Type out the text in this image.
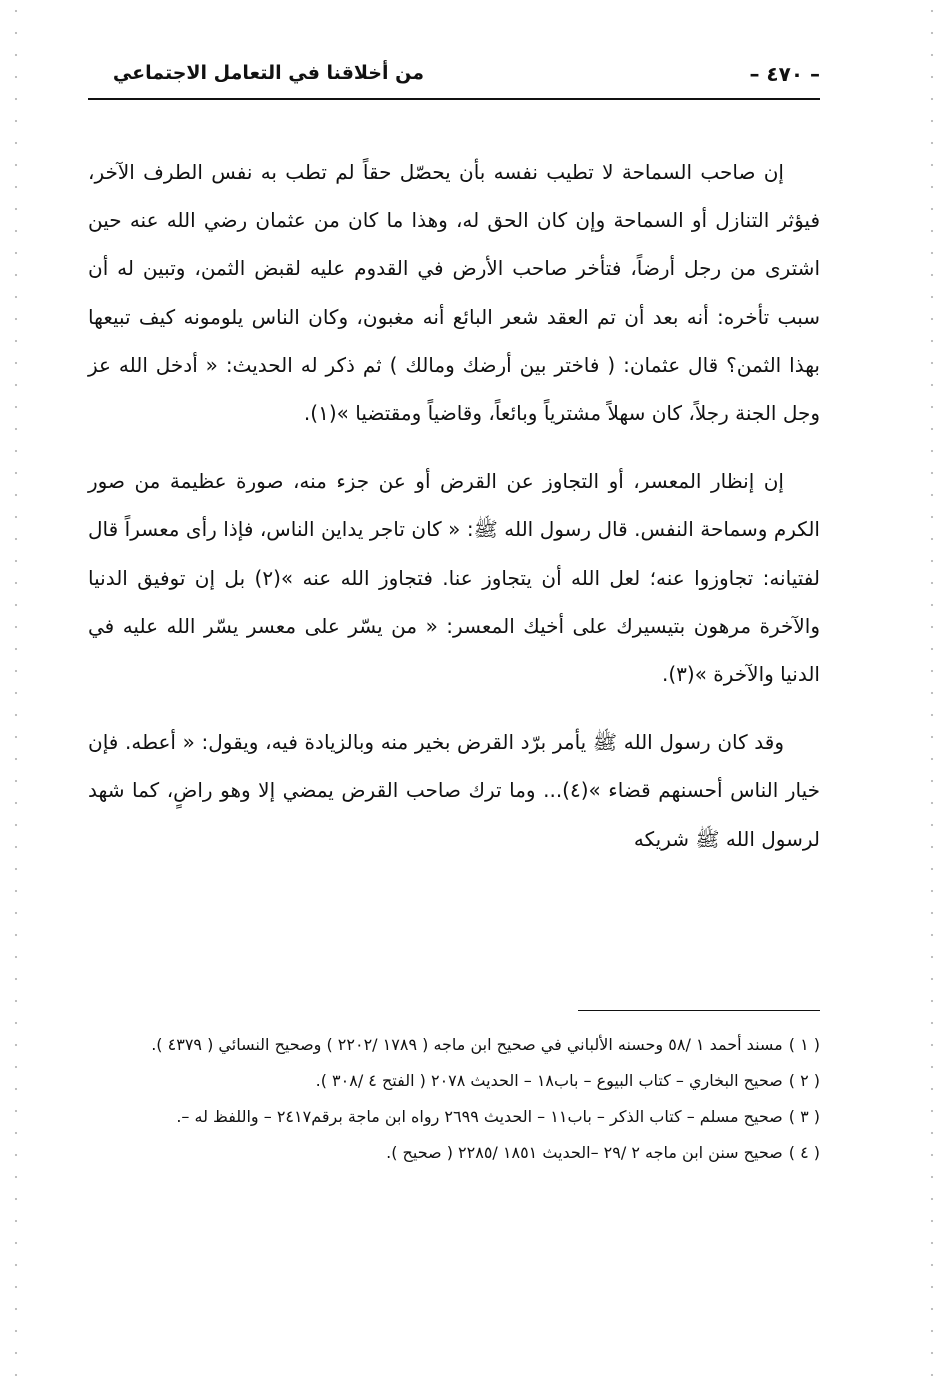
– ٤٧٠ –
من أخلاقنا في التعامل الاجتماعي

إن صاحب السماحة لا تطيب نفسه بأن يحصّل حقاً لم تطب به نفس الطرف الآخر، فيؤثر التنازل أو السماحة وإن كان الحق له، وهذا ما كان من عثمان رضي الله عنه حين اشترى من رجل أرضاً، فتأخر صاحب الأرض في القدوم عليه لقبض الثمن، وتبين له أن سبب تأخره: أنه بعد أن تم العقد شعر البائع أنه مغبون، وكان الناس يلومونه كيف تبيعها بهذا الثمن؟ قال عثمان: ( فاختر بين أرضك ومالك ) ثم ذكر له الحديث: « أدخل الله عز وجل الجنة رجلاً، كان سهلاً مشترياً وبائعاً، وقاضياً ومقتضيا »(١).

إن إنظار المعسر، أو التجاوز عن القرض أو عن جزء منه، صورة عظيمة من صور الكرم وسماحة النفس. قال رسول الله ﷺ: « كان تاجر يداين الناس، فإذا رأى معسراً قال لفتيانه: تجاوزوا عنه؛ لعل الله أن يتجاوز عنا. فتجاوز الله عنه »(٢) بل إن توفيق الدنيا والآخرة مرهون بتيسيرك على أخيك المعسر: « من يسّر على معسر يسّر الله عليه في الدنيا والآخرة »(٣).

وقد كان رسول الله ﷺ يأمر برّد القرض بخير منه وبالزيادة فيه، ويقول: « أعطه. فإن خيار الناس أحسنهم قضاء »(٤)... وما ترك صاحب القرض يمضي إلا وهو راضٍ، كما شهد لرسول الله ﷺ شريكه

( ١ )مسند أحمد ١ /٥٨ وحسنه الألباني في صحيح ابن ماجه ( ١٧٨٩ /٢٢٠٢ ) وصحيح النسائي ( ٤٣٧٩ ).

( ٢ )صحيح البخاري – كتاب البيوع – باب١٨ – الحديث ٢٠٧٨ ( الفتح ٤ /٣٠٨ ).

( ٣ )صحيح مسلم – كتاب الذكر – باب١١ – الحديث ٢٦٩٩ رواه ابن ماجة برقم٢٤١٧ – واللفظ له –.

( ٤ )صحيح سنن ابن ماجه ٢ /٢٩ –الحديث ١٨٥١ /٢٢٨٥ ( صحيح ).
